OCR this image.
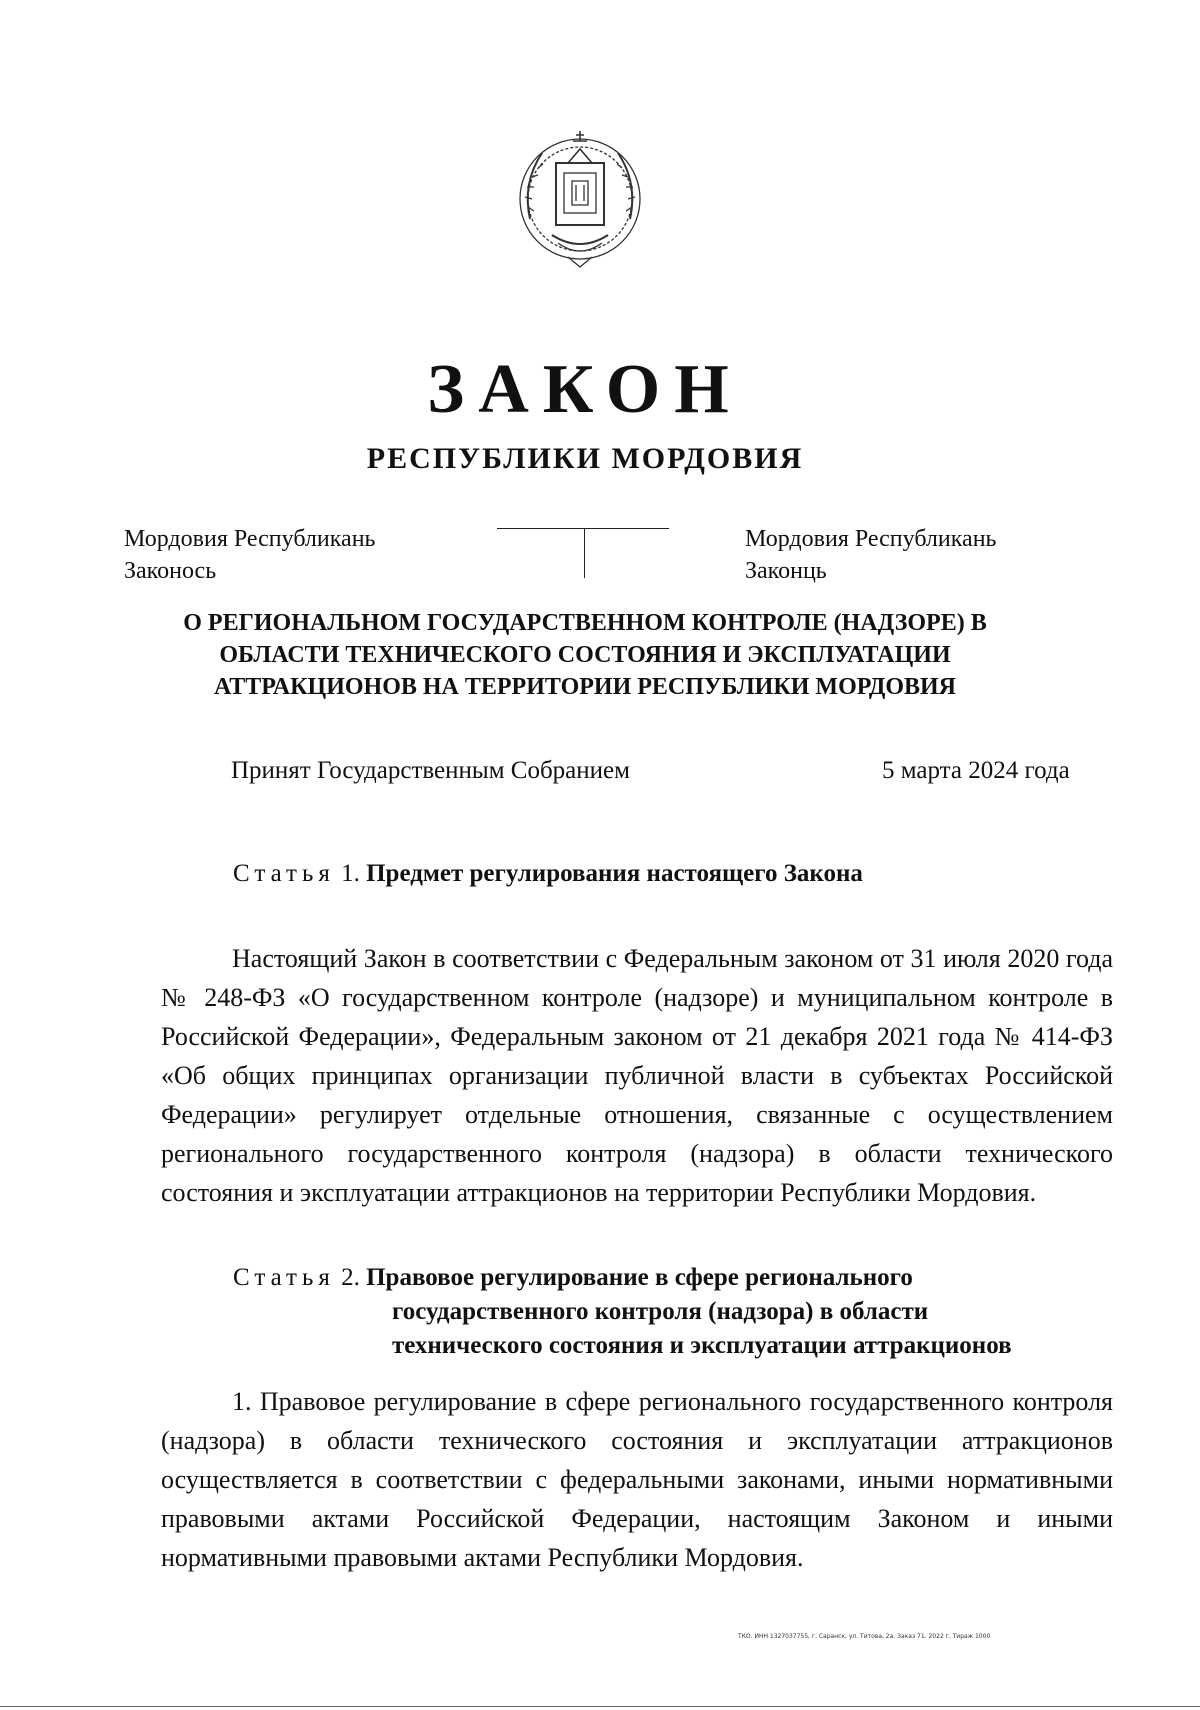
ЗАКОН
РЕСПУБЛИКИ МОРДОВИЯ
Мордовия Республикань
Законось
Мордовия Республикань
Законць
О РЕГИОНАЛЬНОМ ГОСУДАРСТВЕННОМ КОНТРОЛЕ (НАДЗОРЕ) В
ОБЛАСТИ ТЕХНИЧЕСКОГО СОСТОЯНИЯ И ЭКСПЛУАТАЦИИ
АТТРАКЦИОНОВ НА ТЕРРИТОРИИ РЕСПУБЛИКИ МОРДОВИЯ
Принят Государственным Собранием	5 марта 2024 года
Статья 1. Предмет регулирования настоящего Закона
Настоящий Закон в соответствии с Федеральным законом от 31 июля 2020 года № 248-ФЗ «О государственном контроле (надзоре) и муниципальном контроле в Российской Федерации», Федеральным законом от 21 декабря 2021 года № 414-ФЗ «Об общих принципах организации публичной власти в субъектах Российской Федерации» регулирует отдельные отношения, связанные с осуществлением регионального государственного контроля (надзора) в области технического состояния и эксплуатации аттракционов на территории Республики Мордовия.
Статья 2. Правовое регулирование в сфере регионального
государственного контроля (надзора) в области
технического состояния и эксплуатации аттракционов
1. Правовое регулирование в сфере регионального государственного контроля (надзора) в области технического состояния и эксплуатации аттракционов осуществляется в соответствии с федеральными законами, иными нормативными правовыми актами Российской Федерации, настоящим Законом и иными нормативными правовыми актами Республики Мордовия.
ТКО. ИНН 1327037755, г. Саранск, ул. Титова, 2а. Заказ 71. 2022 г. Тираж 1000
